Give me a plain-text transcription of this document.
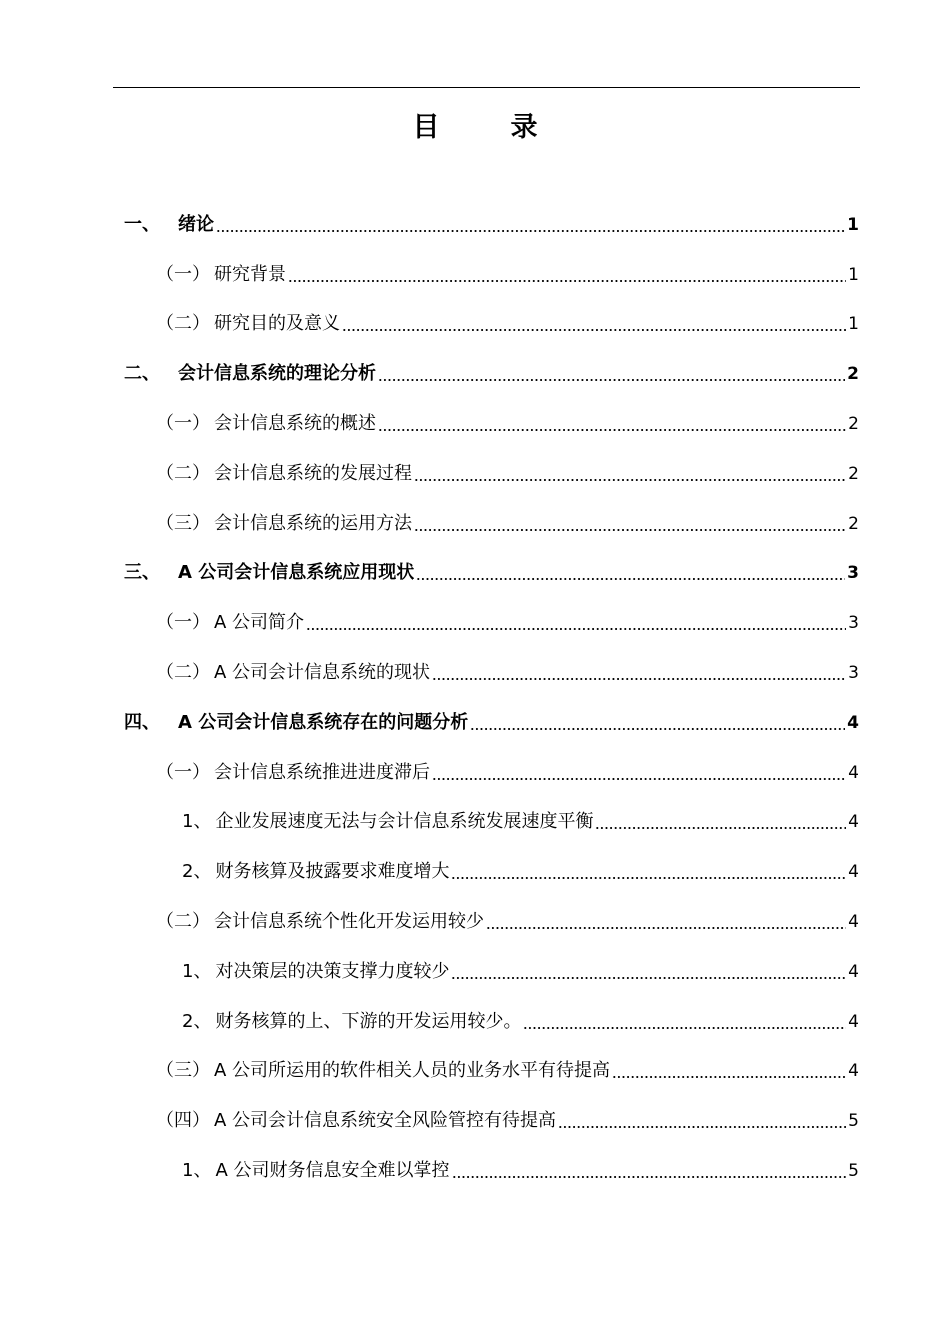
目　录
一、 绪论	1
（一） 研究背景	1
（二） 研究目的及意义	1
二、 会计信息系统的理论分析	2
（一） 会计信息系统的概述	2
（二） 会计信息系统的发展过程	2
（三） 会计信息系统的运用方法	2
三、 A 公司会计信息系统应用现状	3
（一） A 公司简介	3
（二） A 公司会计信息系统的现状	3
四、 A 公司会计信息系统存在的问题分析	4
（一） 会计信息系统推进进度滞后	4
1、 企业发展速度无法与会计信息系统发展速度平衡	4
2、 财务核算及披露要求难度增大	4
（二） 会计信息系统个性化开发运用较少	4
1、 对决策层的决策支撑力度较少	4
2、 财务核算的上、下游的开发运用较少。	4
（三） A 公司所运用的软件相关人员的业务水平有待提高	4
（四） A 公司会计信息系统安全风险管控有待提高	5
1、 A 公司财务信息安全难以掌控	5
